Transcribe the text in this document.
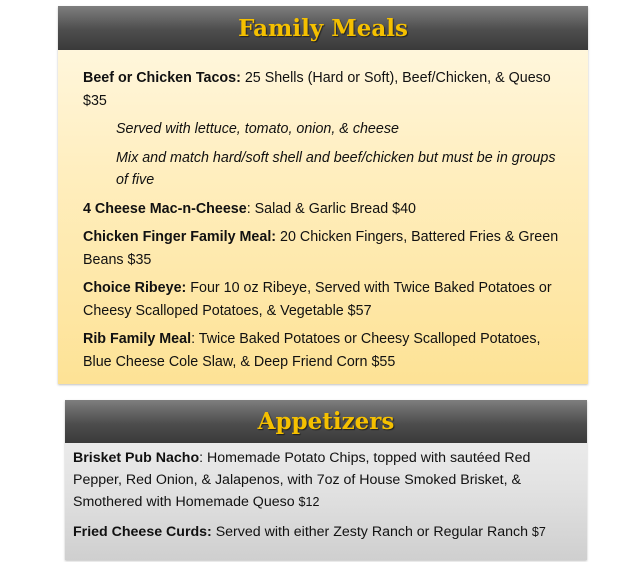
Family Meals
Beef or Chicken Tacos: 25 Shells (Hard or Soft), Beef/Chicken, & Queso $35
Served with lettuce, tomato, onion, & cheese
Mix and match hard/soft shell and beef/chicken but must be in groups of five
4 Cheese Mac-n-Cheese: Salad & Garlic Bread $40
Chicken Finger Family Meal: 20 Chicken Fingers, Battered Fries & Green Beans $35
Choice Ribeye: Four 10 oz Ribeye, Served with Twice Baked Potatoes or Cheesy Scalloped Potatoes, & Vegetable $57
Rib Family Meal: Twice Baked Potatoes or Cheesy Scalloped Potatoes, Blue Cheese Cole Slaw, & Deep Friend Corn $55
Appetizers
Brisket Pub Nacho: Homemade Potato Chips, topped with sautéed Red Pepper, Red Onion, & Jalapenos, with 7oz of House Smoked Brisket, & Smothered with Homemade Queso $12
Fried Cheese Curds: Served with either Zesty Ranch or Regular Ranch $7
